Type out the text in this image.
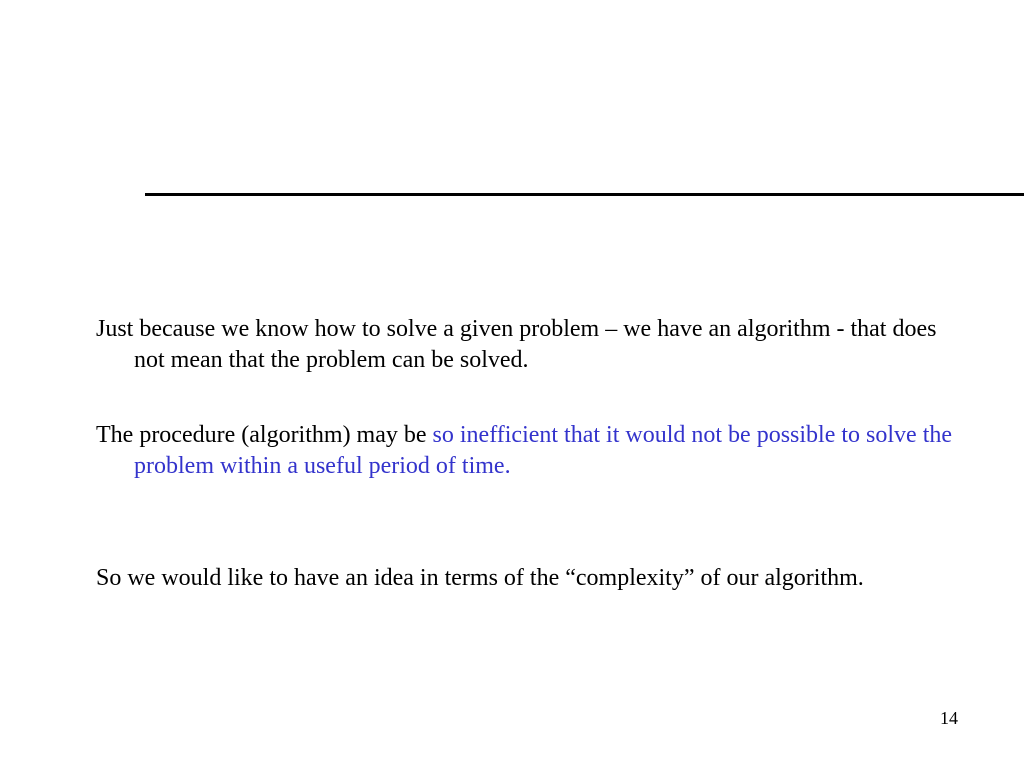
Just because we know how to solve a given problem – we have an algorithm - that does not mean that the problem can be solved.

The procedure (algorithm) may be so inefficient that it would not be possible to solve the problem within a useful period of time.

So we would like to have an idea in terms of the “complexity” of our algorithm.

14
